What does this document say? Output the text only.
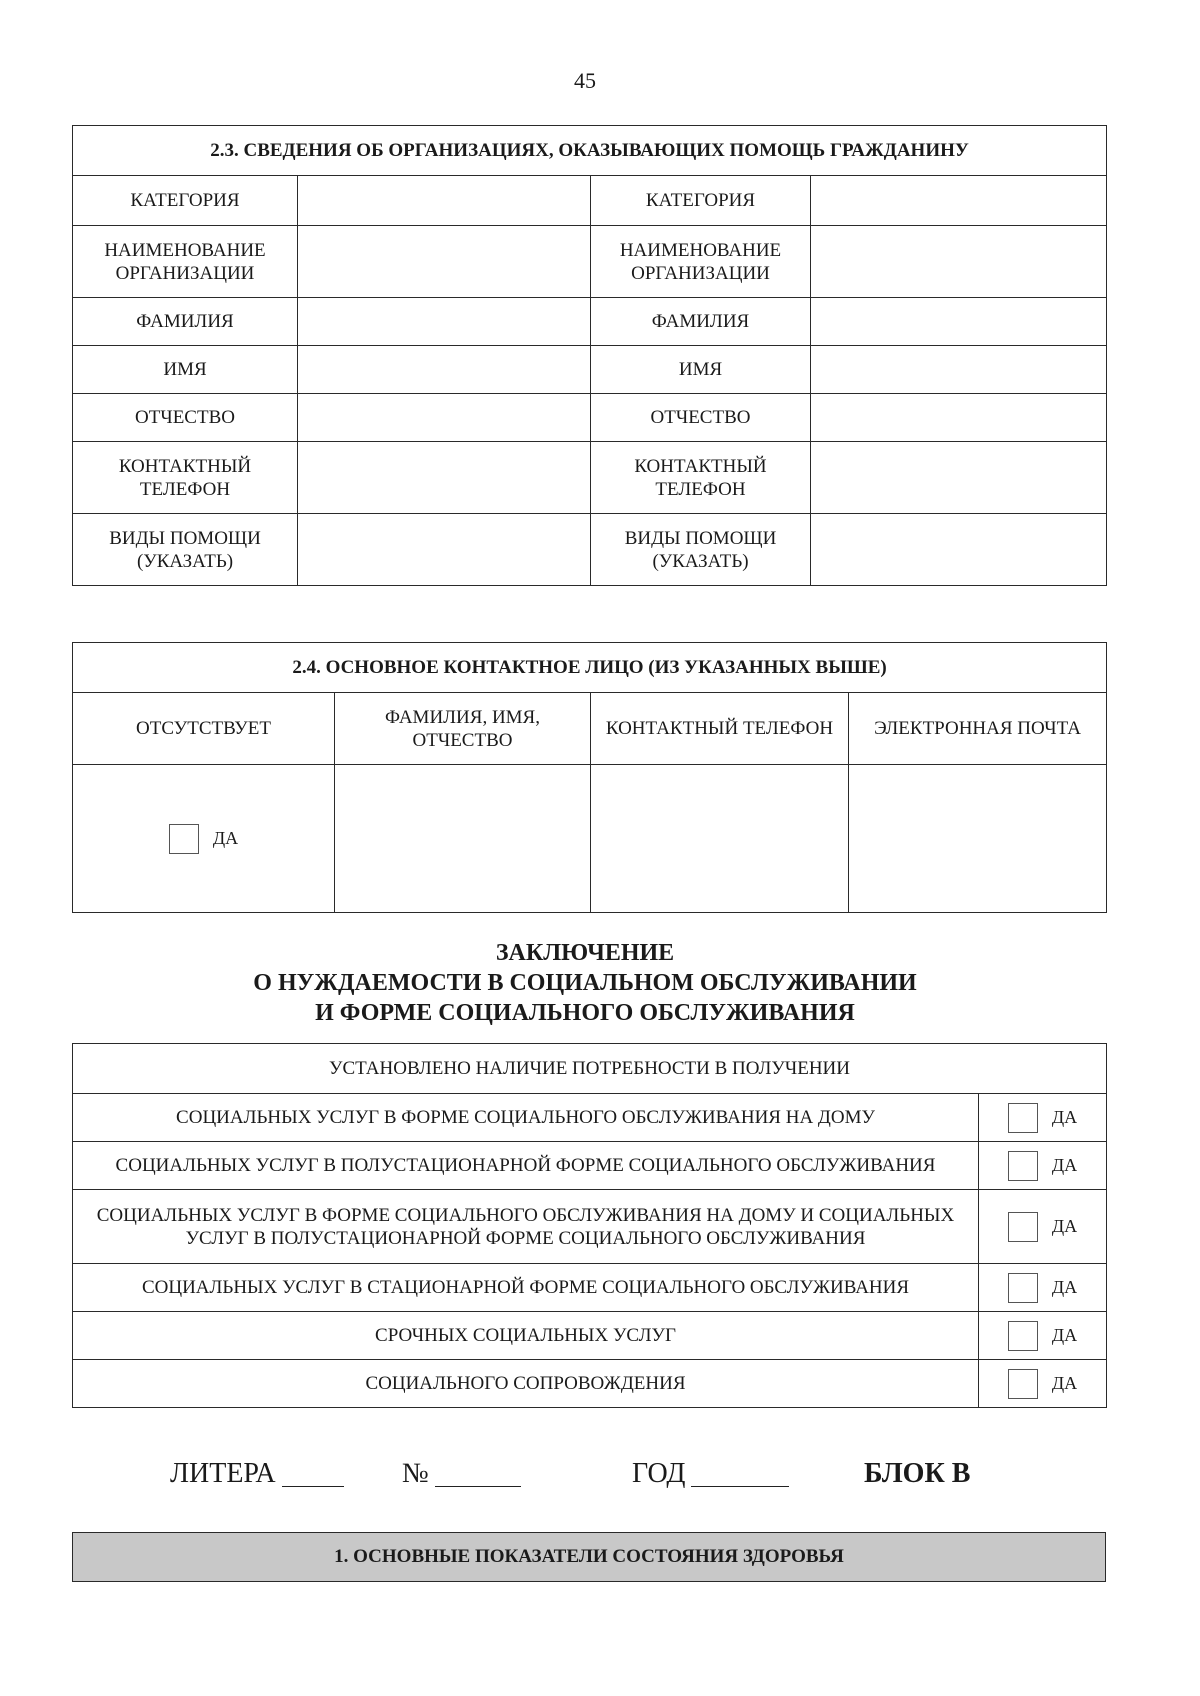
45
2.3. СВЕДЕНИЯ ОБ ОРГАНИЗАЦИЯХ, ОКАЗЫВАЮЩИХ ПОМОЩЬ ГРАЖДАНИНУ			
КАТЕГОРИЯ		КАТЕГОРИЯ	
НАИМЕНОВАНИЕ ОРГАНИЗАЦИИ		НАИМЕНОВАНИЕ ОРГАНИЗАЦИИ	
ФАМИЛИЯ		ФАМИЛИЯ	
ИМЯ		ИМЯ	
ОТЧЕСТВО		ОТЧЕСТВО	
КОНТАКТНЫЙ ТЕЛЕФОН		КОНТАКТНЫЙ ТЕЛЕФОН	
ВИДЫ ПОМОЩИ (УКАЗАТЬ)		ВИДЫ ПОМОЩИ (УКАЗАТЬ)	
2.4. ОСНОВНОЕ КОНТАКТНОЕ ЛИЦО (ИЗ УКАЗАННЫХ ВЫШЕ)			
ОТСУТСТВУЕТ	ФАМИЛИЯ, ИМЯ, ОТЧЕСТВО	КОНТАКТНЫЙ ТЕЛЕФОН	ЭЛЕКТРОННАЯ ПОЧТА
ДА			
ЗАКЛЮЧЕНИЕ
О НУЖДАЕМОСТИ В СОЦИАЛЬНОМ ОБСЛУЖИВАНИИ
И ФОРМЕ СОЦИАЛЬНОГО ОБСЛУЖИВАНИЯ
УСТАНОВЛЕНО НАЛИЧИЕ ПОТРЕБНОСТИ В ПОЛУЧЕНИИ	
СОЦИАЛЬНЫХ УСЛУГ В ФОРМЕ СОЦИАЛЬНОГО ОБСЛУЖИВАНИЯ НА ДОМУ	ДА
СОЦИАЛЬНЫХ УСЛУГ В ПОЛУСТАЦИОНАРНОЙ ФОРМЕ СОЦИАЛЬНОГО ОБСЛУЖИВАНИЯ	ДА
СОЦИАЛЬНЫХ УСЛУГ В ФОРМЕ СОЦИАЛЬНОГО ОБСЛУЖИВАНИЯ НА ДОМУ И СОЦИАЛЬНЫХ УСЛУГ В ПОЛУСТАЦИОНАРНОЙ ФОРМЕ СОЦИАЛЬНОГО ОБСЛУЖИВАНИЯ	ДА
СОЦИАЛЬНЫХ УСЛУГ В СТАЦИОНАРНОЙ ФОРМЕ СОЦИАЛЬНОГО ОБСЛУЖИВАНИЯ	ДА
СРОЧНЫХ СОЦИАЛЬНЫХ УСЛУГ	ДА
СОЦИАЛЬНОГО СОПРОВОЖДЕНИЯ	ДА
ЛИТЕРА	№	ГОД	БЛОК В
1. ОСНОВНЫЕ ПОКАЗАТЕЛИ СОСТОЯНИЯ ЗДОРОВЬЯ
